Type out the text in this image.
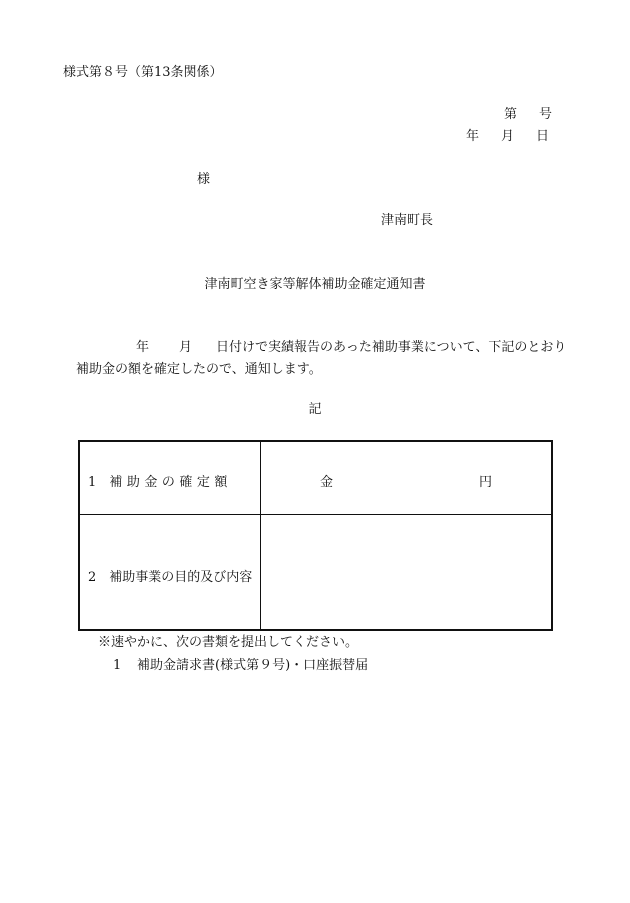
様式第８号（第13条関係）
第 号
年 月 日
様
津南町長
津南町空き家等解体補助金確定通知書
年 月 日付けで実績報告のあった補助事業について、下記のとおり補助金の額を確定したので、通知します。
記
1 補助金の確定額	金	円
2　補助事業の目的及び内容
※速やかに、次の書類を提出してください。
1 補助金請求書(様式第９号)・口座振替届
